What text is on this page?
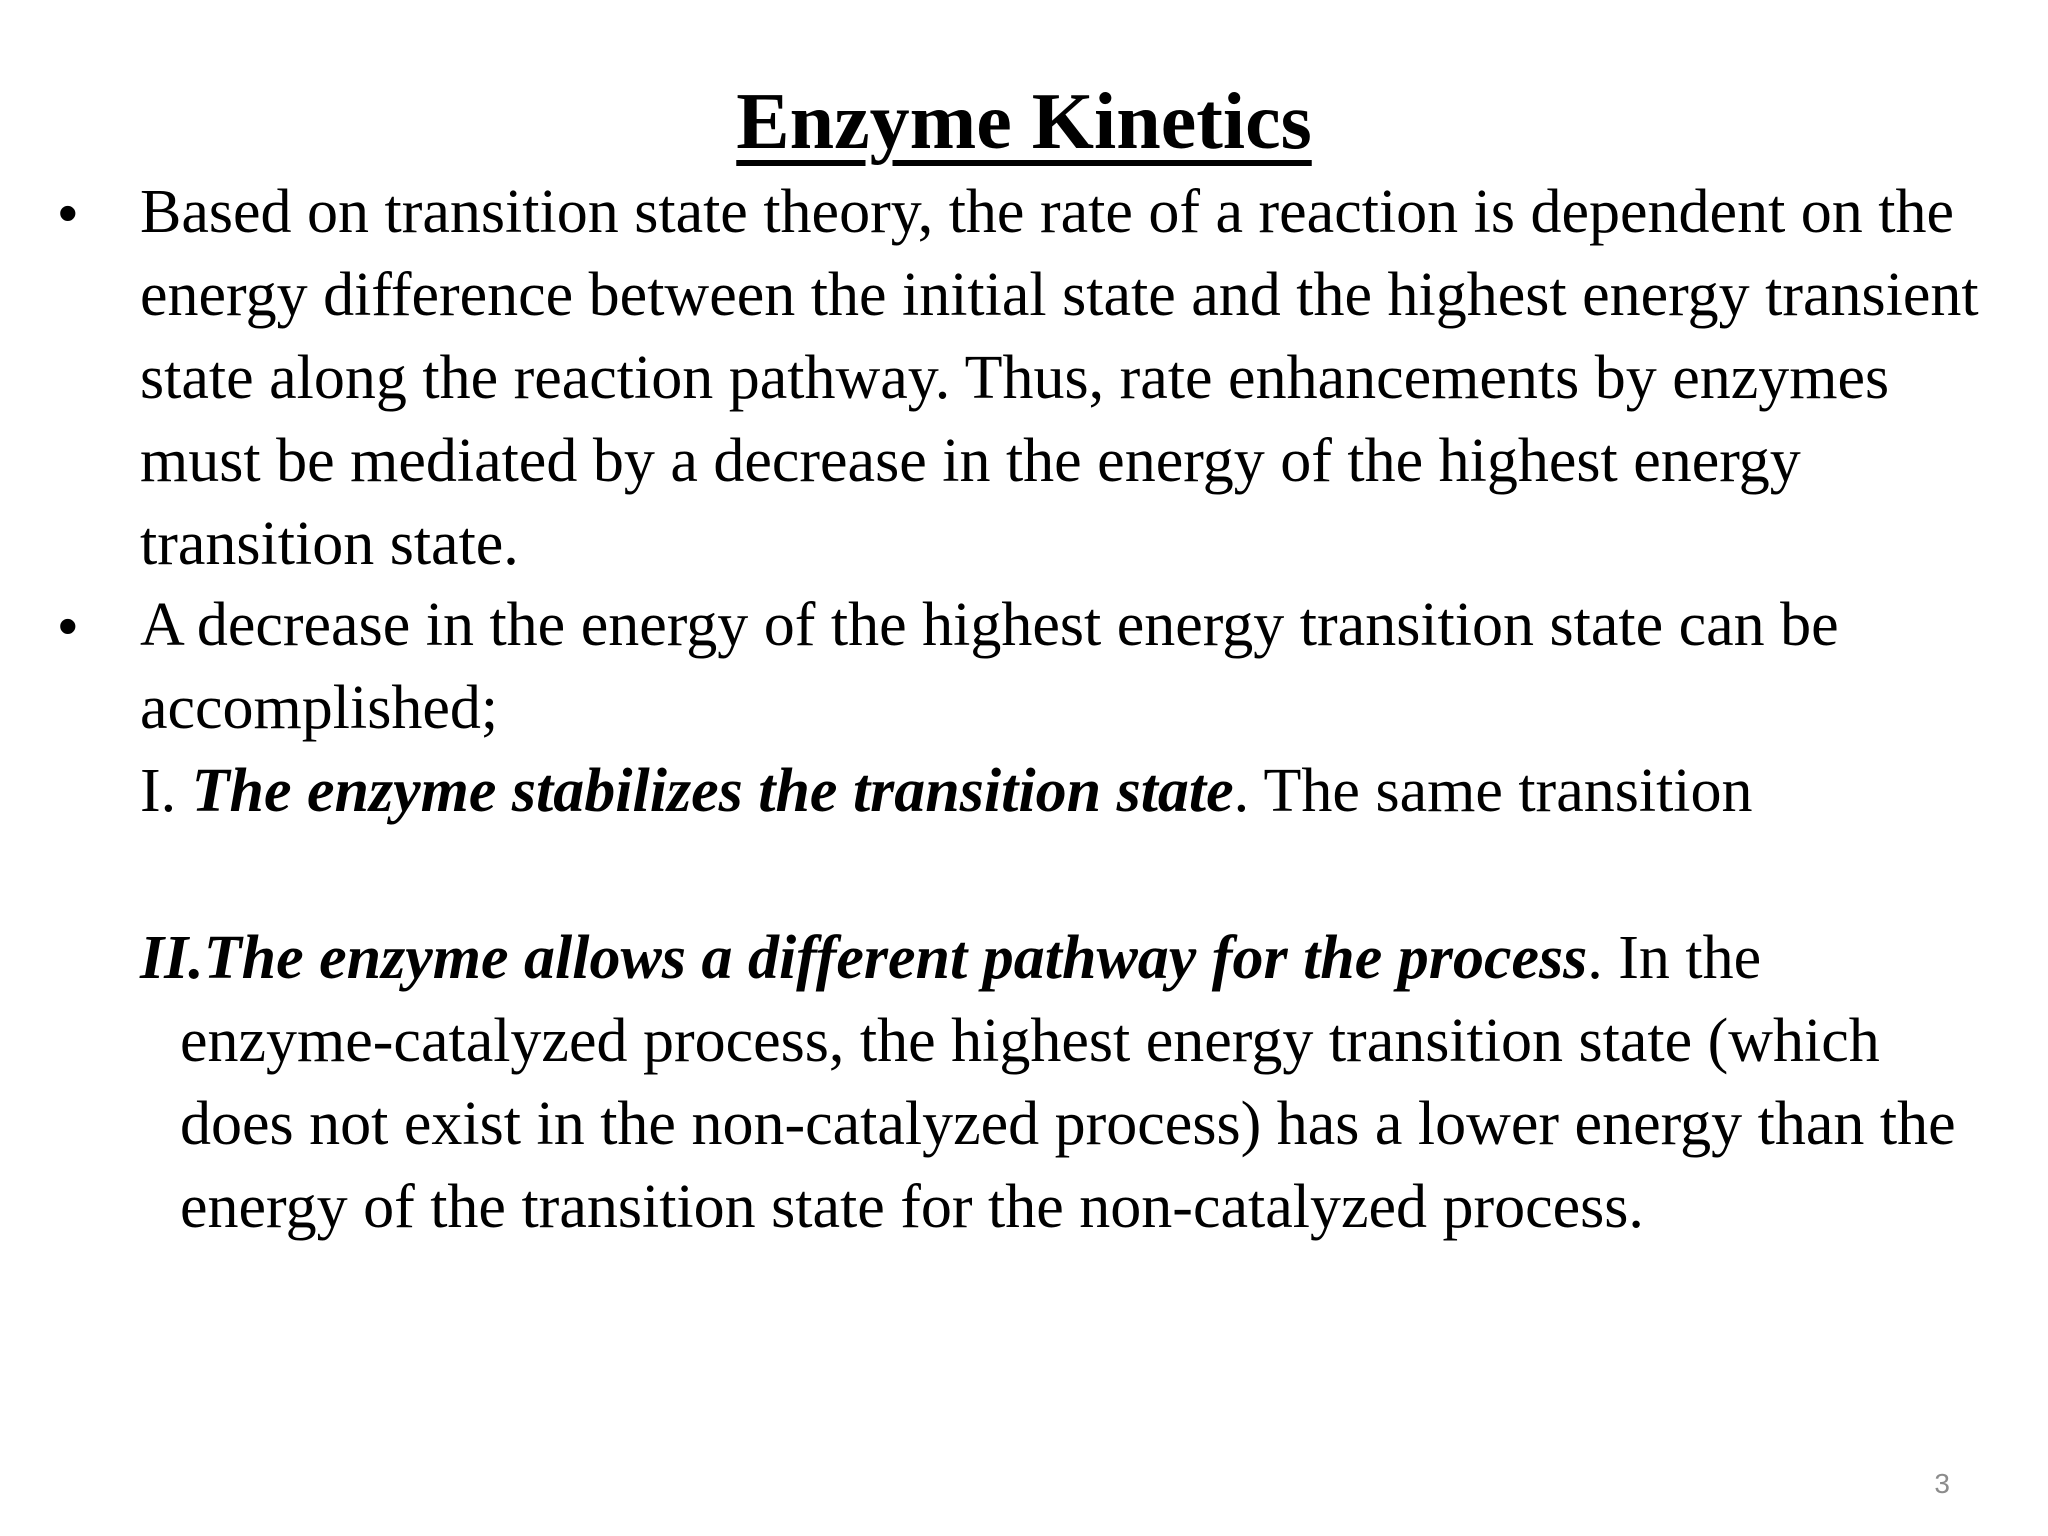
Enzyme Kinetics

• Based on transition state theory, the rate of a reaction is dependent on the energy difference between the initial state and the highest energy transient state along the reaction pathway. Thus, rate enhancements by enzymes must be mediated by a decrease in the energy of the highest energy transition state.

• A decrease in the energy of the highest energy transition state can be accomplished;

I. The enzyme stabilizes the transition state. The same transition

II.The enzyme allows a different pathway for the process. In the
enzyme-catalyzed process, the highest energy transition state (which does not exist in the non-catalyzed process) has a lower energy than the energy of the transition state for the non-catalyzed process.

3
